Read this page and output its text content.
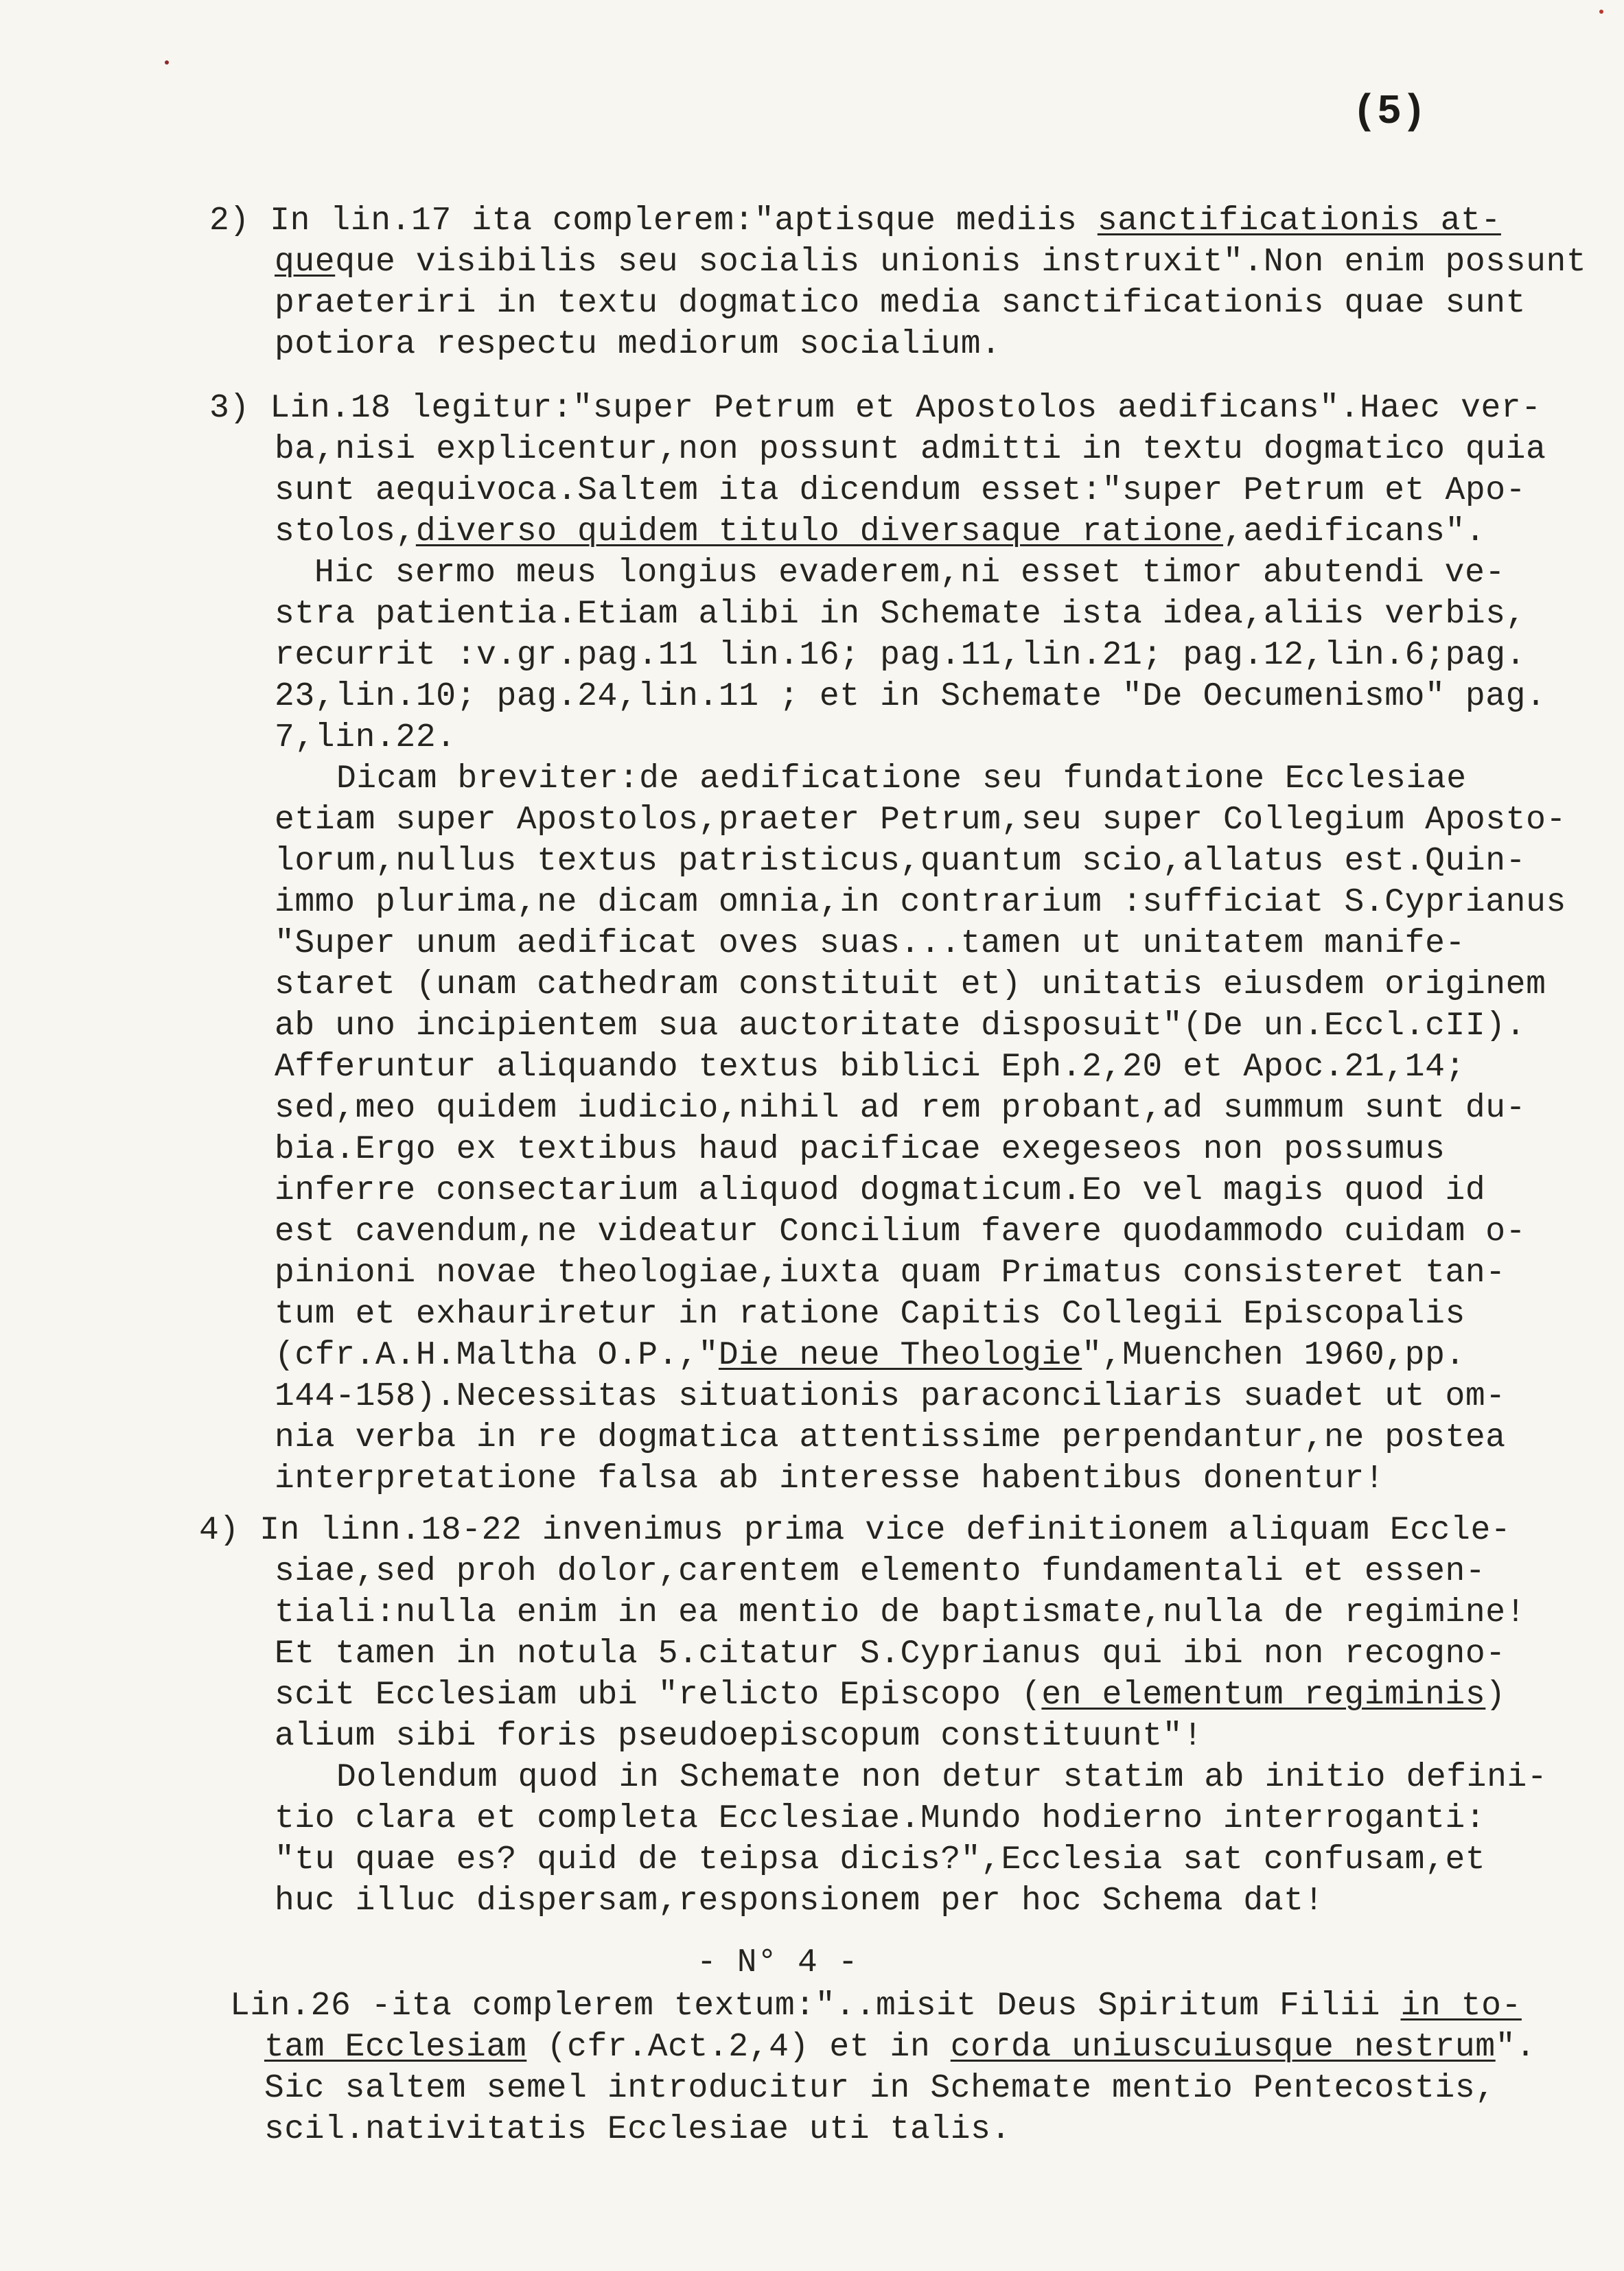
(5)
2) In lin.17 ita complerem:"aptisque mediis sanctificationis at-
queque visibilis seu socialis unionis instruxit".Non enim possunt
praeteriri in textu dogmatico media sanctificationis quae sunt
potiora respectu mediorum socialium.
3) Lin.18 legitur:"super Petrum et Apostolos aedificans".Haec ver-
ba,nisi explicentur,non possunt admitti in textu dogmatico quia
sunt aequivoca.Saltem ita dicendum esset:"super Petrum et Apo-
stolos,diverso quidem titulo diversaque ratione,aedificans".
Hic sermo meus longius evaderem,ni esset timor abutendi ve-
stra patientia.Etiam alibi in Schemate ista idea,aliis verbis,
recurrit :v.gr.pag.11 lin.16; pag.11,lin.21; pag.12,lin.6;pag.
23,lin.10; pag.24,lin.11 ; et in Schemate "De Oecumenismo" pag.
7,lin.22.
Dicam breviter:de aedificatione seu fundatione Ecclesiae
etiam super Apostolos,praeter Petrum,seu super Collegium Aposto-
lorum,nullus textus patristicus,quantum scio,allatus est.Quin-
immo plurima,ne dicam omnia,in contrarium :sufficiat S.Cyprianus
"Super unum aedificat oves suas...tamen ut unitatem manife-
staret (unam cathedram constituit et) unitatis eiusdem originem
ab uno incipientem sua auctoritate disposuit"(De un.Eccl.cII).
Afferuntur aliquando textus biblici Eph.2,20 et Apoc.21,14;
sed,meo quidem iudicio,nihil ad rem probant,ad summum sunt du-
bia.Ergo ex textibus haud pacificae exegeseos non possumus
inferre consectarium aliquod dogmaticum.Eo vel magis quod id
est cavendum,ne videatur Concilium favere quodammodo cuidam o-
pinioni novae theologiae,iuxta quam Primatus consisteret tan-
tum et exhauriretur in ratione Capitis Collegii Episcopalis
(cfr.A.H.Maltha O.P.,"Die neue Theologie",Muenchen 1960,pp.
144-158).Necessitas situationis paraconciliaris suadet ut om-
nia verba in re dogmatica attentissime perpendantur,ne postea
interpretatione falsa ab interesse habentibus donentur!
4) In linn.18-22 invenimus prima vice definitionem aliquam Eccle-
siae,sed proh dolor,carentem elemento fundamentali et essen-
tiali:nulla enim in ea mentio de baptismate,nulla de regimine!
Et tamen in notula 5.citatur S.Cyprianus qui ibi non recogno-
scit Ecclesiam ubi "relicto Episcopo (en elementum regiminis)
alium sibi foris pseudoepiscopum constituunt"!
Dolendum quod in Schemate non detur statim ab initio defini-
tio clara et completa Ecclesiae.Mundo hodierno interroganti:
"tu quae es? quid de teipsa dicis?",Ecclesia sat confusam,et
huc illuc dispersam,responsionem per hoc Schema dat!
- N° 4 -
Lin.26 -ita complerem textum:"..misit Deus Spiritum Filii in to-
tam Ecclesiam (cfr.Act.2,4) et in corda uniuscuiusque nestrum".
Sic saltem semel introducitur in Schemate mentio Pentecostis,
scil.nativitatis Ecclesiae uti talis.
